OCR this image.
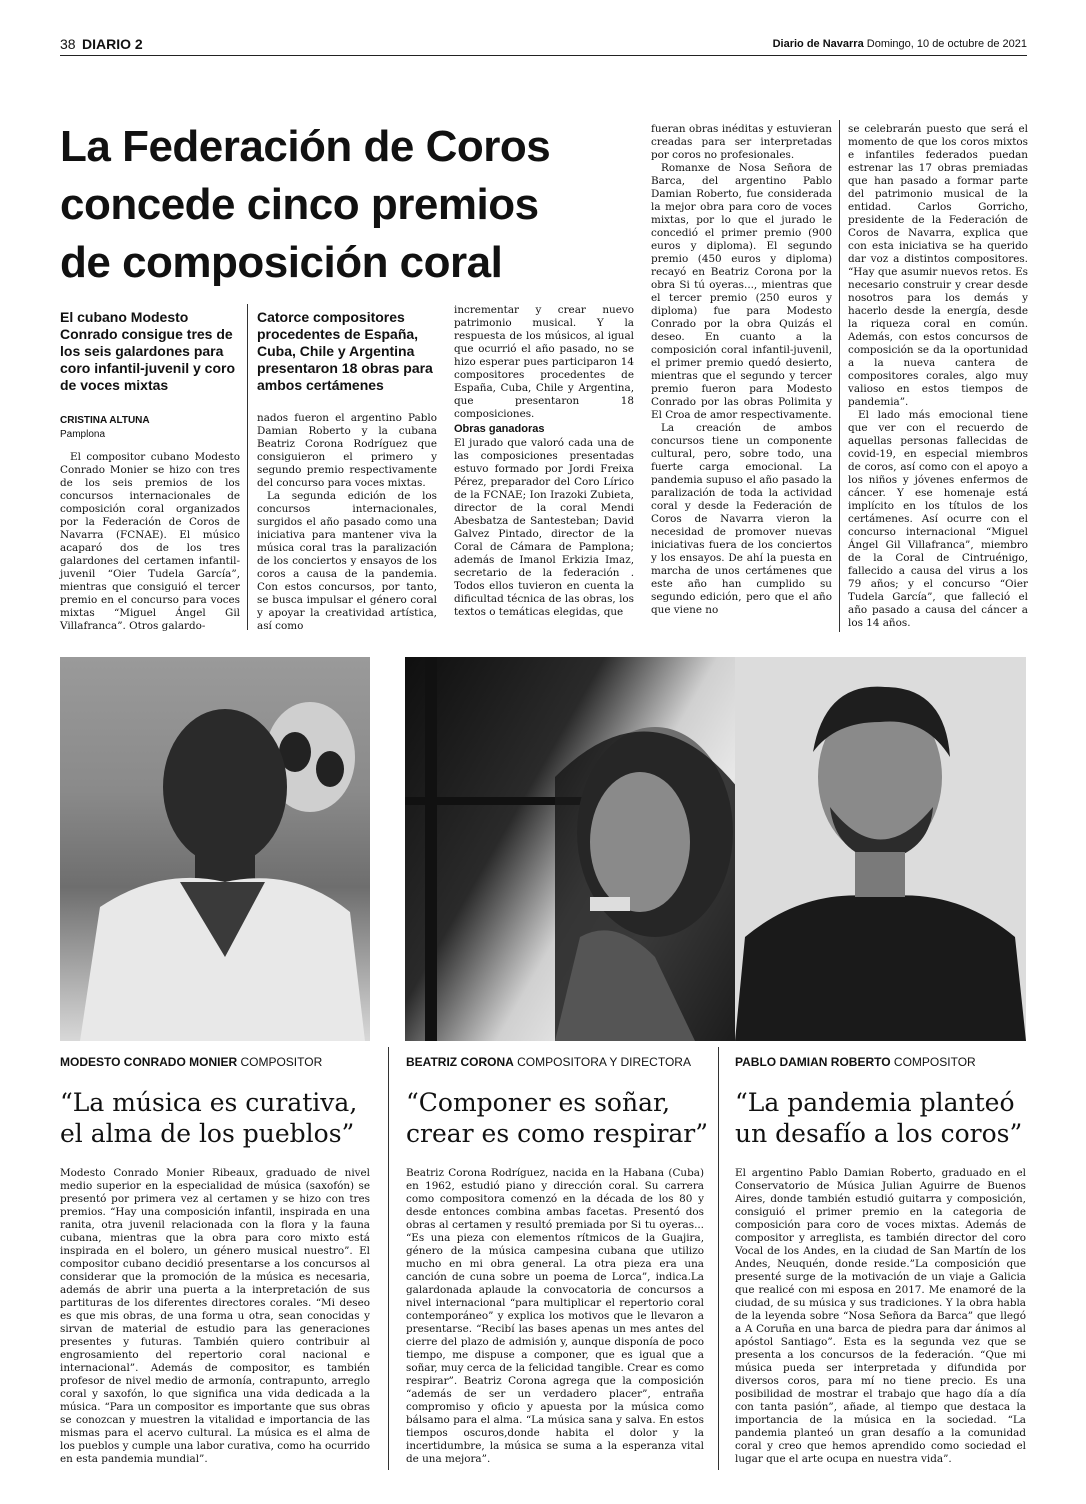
38 DIARIO 2	Diario de Navarra Domingo, 10 de octubre de 2021
La Federación de Coros concede cinco premios de composición coral
El cubano Modesto Conrado consigue tres de los seis galardones para coro infantil-juvenil y coro de voces mixtas
Catorce compositores procedentes de España, Cuba, Chile y Argentina presentaron 18 obras para ambos certámenes
CRISTINA ALTUNA
Pamplona

El compositor cubano Modesto Conrado Monier se hizo con tres de los seis premios de los concursos internacionales de composición coral organizados por la Federación de Coros de Navarra (FCNAE). El músico acaparó dos de los tres galardones del certamen infantil-juvenil “Oier Tudela García”, mientras que consiguió el tercer premio en el concurso para voces mixtas “Miguel Ángel Gil Villafranca”. Otros galardo-

nados fueron el argentino Pablo Damian Roberto y la cubana Beatriz Corona Rodríguez que consiguieron el primero y segundo premio respectivamente del concurso para voces mixtas.

La segunda edición de los concursos internacionales, surgidos el año pasado como una iniciativa para mantener viva la música coral tras la paralización de los conciertos y ensayos de los coros a causa de la pandemia. Con estos concursos, por tanto, se busca impulsar el género coral y apoyar la creatividad artística, así como

incrementar y crear nuevo patrimonio musical. Y la respuesta de los músicos, al igual que ocurrió el año pasado, no se hizo esperar pues participaron 14 compositores procedentes de España, Cuba, Chile y Argentina, que presentaron 18 composiciones.

Obras ganadoras

El jurado que valoró cada una de las composiciones presentadas estuvo formado por Jordi Freixa Pérez, preparador del Coro Lírico de la FCNAE; Ion Irazoki Zubieta, director de la coral Mendi Abesbatza de Santesteban; David Galvez Pintado, director de la Coral de Cámara de Pamplona; además de Imanol Erkizia Imaz, secretario de la federación . Todos ellos tuvieron en cuenta la dificultad técnica de las obras, los textos o temáticas elegidas, que

fueran obras inéditas y estuvieran creadas para ser interpretadas por coros no profesionales.

Romanxe de Nosa Señora de Barca, del argentino Pablo Damian Roberto, fue considerada la mejor obra para coro de voces mixtas, por lo que el jurado le concedió el primer premio (900 euros y diploma). El segundo premio (450 euros y diploma) recayó en Beatriz Corona por la obra Si tú oyeras..., mientras que el tercer premio (250 euros y diploma) fue para Modesto Conrado por la obra Quizás el deseo. En cuanto a la composición coral infantil-juvenil, el primer premio quedó desierto, mientras que el segundo y tercer premio fueron para Modesto Conrado por las obras Polimita y El Croa de amor respectivamente.

La creación de ambos concursos tiene un componente cultural, pero, sobre todo, una fuerte carga emocional. La pandemia supuso el año pasado la paralización de toda la actividad coral y desde la Federación de Coros de Navarra vieron la necesidad de promover nuevas iniciativas fuera de los conciertos y los ensayos. De ahí la puesta en marcha de unos certámenes que este año han cumplido su segundo edición, pero que el año que viene no

se celebrarán puesto que será el momento de que los coros mixtos e infantiles federados puedan estrenar las 17 obras premiadas que han pasado a formar parte del patrimonio musical de la entidad. Carlos Gorricho, presidente de la Federación de Coros de Navarra, explica que con esta iniciativa se ha querido dar voz a distintos compositores. “Hay que asumir nuevos retos. Es necesario construir y crear desde nosotros para los demás y hacerlo desde la energía, desde la riqueza coral en común. Además, con estos concursos de composición se da la oportunidad a la nueva cantera de compositores corales, algo muy valioso en estos tiempos de pandemia”.

El lado más emocional tiene que ver con el recuerdo de aquellas personas fallecidas de covid-19, en especial miembros de coros, así como con el apoyo a los niños y jóvenes enfermos de cáncer. Y ese homenaje está implícito en los títulos de los certámenes. Así ocurre con el concurso internacional “Miguel Ángel Gil Villafranca”, miembro de la Coral de Cintruénigo, fallecido a causa del virus a los 79 años; y el concurso “Oier Tudela García”, que falleció el año pasado a causa del cáncer a los 14 años.

MODESTO CONRADO MONIER COMPOSITOR
“La música es curativa, el alma de los pueblos”
Modesto Conrado Monier Ribeaux, graduado de nivel medio superior en la especialidad de música (saxofón) se presentó por primera vez al certamen y se hizo con tres premios. “Hay una composición infantil, inspirada en una ranita, otra juvenil relacionada con la flora y la fauna cubana, mientras que la obra para coro mixto está inspirada en el bolero, un género musical nuestro”. El compositor cubano decidió presentarse a los concursos al considerar que la promoción de la música es necesaria, además de abrir una puerta a la interpretación de sus partituras de los diferentes directores corales. “Mi deseo es que mis obras, de una forma u otra, sean conocidas y sirvan de material de estudio para las generaciones presentes y futuras. También quiero contribuir al engrosamiento del repertorio coral nacional e internacional”. Además de compositor, es también profesor de nivel medio de armonía, contrapunto, arreglo coral y saxofón, lo que significa una vida dedicada a la música. “Para un compositor es importante que sus obras se conozcan y muestren la vitalidad e importancia de las mismas para el acervo cultural. La música es el alma de los pueblos y cumple una labor curativa, como ha ocurrido en esta pandemia mundial”.
BEATRIZ CORONA COMPOSITORA Y DIRECTORA
“Componer es soñar, crear es como respirar”
Beatriz Corona Rodríguez, nacida en la Habana (Cuba) en 1962, estudió piano y dirección coral. Su carrera como compositora comenzó en la década de los 80 y desde entonces combina ambas facetas. Presentó dos obras al certamen y resultó premiada por Si tu oyeras... “Es una pieza con elementos rítmicos de la Guajira, género de la música campesina cubana que utilizo mucho en mi obra general. La otra pieza era una canción de cuna sobre un poema de Lorca”, indica.La galardonada aplaude la convocatoria de concursos a nivel internacional “para multiplicar el repertorio coral contemporáneo” y explica los motivos que le llevaron a presentarse. “Recibí las bases apenas un mes antes del cierre del plazo de admisión y, aunque disponía de poco tiempo, me dispuse a componer, que es igual que a soñar, muy cerca de la felicidad tangible. Crear es como respirar”. Beatriz Corona agrega que la composición “además de ser un verdadero placer”, entraña compromiso y oficio y apuesta por la música como bálsamo para el alma. “La música sana y salva. En estos tiempos oscuros,donde habita el dolor y la incertidumbre, la música se suma a la esperanza vital de una mejora”.
PABLO DAMIAN ROBERTO COMPOSITOR
“La pandemia planteó un desafío a los coros”
El argentino Pablo Damian Roberto, graduado en el Conservatorio de Música Julian Aguirre de Buenos Aires, donde también estudió guitarra y composición, consiguió el primer premio en la categoria de composición para coro de voces mixtas. Además de compositor y arreglista, es también director del coro Vocal de los Andes, en la ciudad de San Martín de los Andes, Neuquén, donde reside.”La composición que presenté surge de la motivación de un viaje a Galicia que realicé con mi esposa en 2017. Me enamoré de la ciudad, de su música y sus tradiciones. Y la obra habla de la leyenda sobre “Nosa Señora da Barca” que llegó a A Coruña en una barca de piedra para dar ánimos al apóstol Santiago”. Esta es la segunda vez que se presenta a los concursos de la federación. “Que mi música pueda ser interpretada y difundida por diversos coros, para mí no tiene precio. Es una posibilidad de mostrar el trabajo que hago día a día con tanta pasión”, añade, al tiempo que destaca la importancia de la música en la sociedad. “La pandemia planteó un gran desafío a la comunidad coral y creo que hemos aprendido como sociedad el lugar que el arte ocupa en nuestra vida”.
